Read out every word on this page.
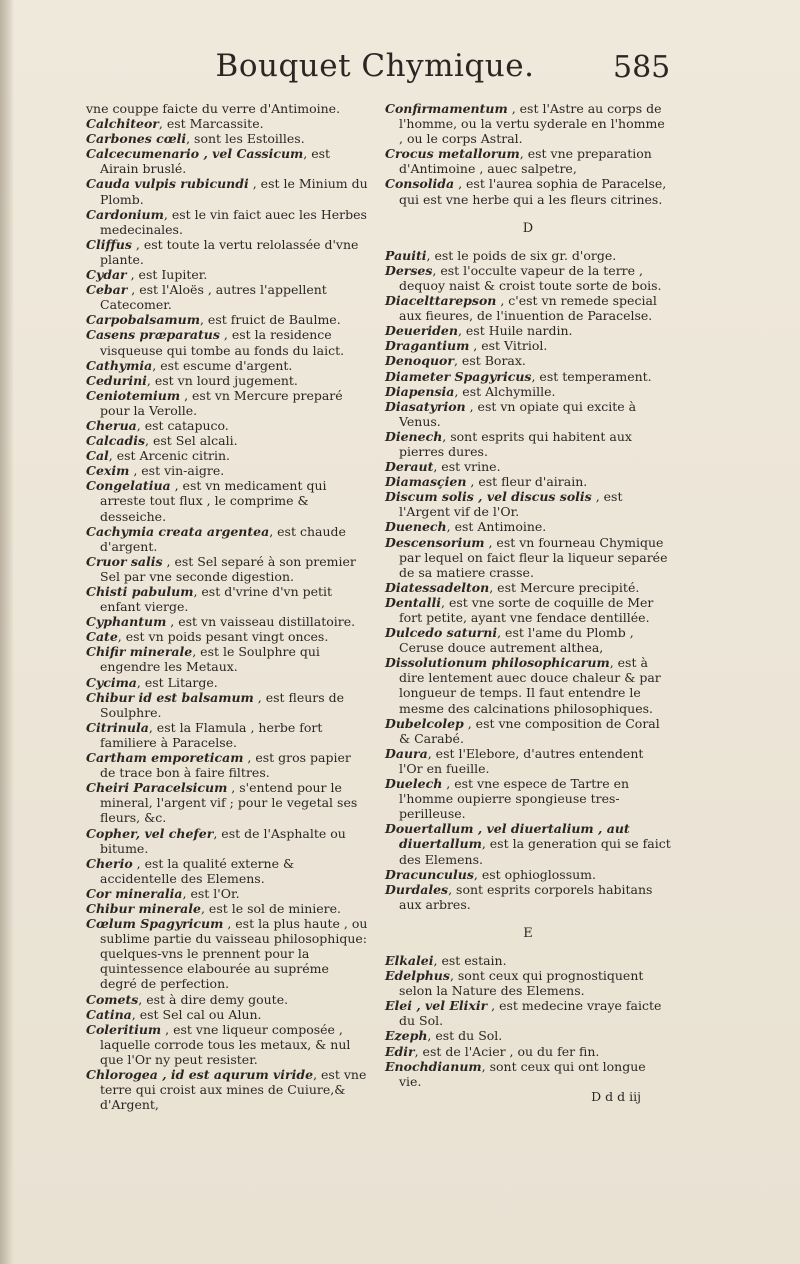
Bouquet Chymique.	585

vne couppe faicte du verre d'Antimoine.

Calchiteor, est Marcassite.

Carbones cœli, sont les Estoilles.

Calcecumenario , vel Cassicum, est Airain bruslé.

Cauda vulpis rubicundi , est le Minium du Plomb.

Cardonium, est le vin faict auec les Herbes medecinales.

Cliffus , est toute la vertu relolassée d'vne plante.

Cydar , est Iupiter.

Cebar , est l'Aloës , autres l'appellent Catecomer.

Carpobalsamum, est fruict de Baulme.

Casens præparatus , est la residence visqueuse qui tombe au fonds du laict.

Cathymia, est escume d'argent.

Cedurini, est vn lourd jugement.

Ceniotemium , est vn Mercure preparé pour la Verolle.

Cherua, est catapuco.

Calcadis, est Sel alcali.

Cal, est Arcenic citrin.

Cexim , est vin-aigre.

Congelatiua , est vn medicament qui arreste tout flux , le comprime & desseiche.

Cachymia creata argentea, est chaude d'argent.

Cruor salis , est Sel separé à son premier Sel par vne seconde digestion.

Chisti pabulum, est d'vrine d'vn petit enfant vierge.

Cyphantum , est vn vaisseau distillatoire.

Cate, est vn poids pesant vingt onces.

Chifir minerale, est le Soulphre qui engendre les Metaux.

Cycima, est Litarge.

Chibur id est balsamum , est fleurs de Soulphre.

Citrinula, est la Flamula , herbe fort familiere à Paracelse.

Cartham emporeticam , est gros papier de trace bon à faire filtres.

Cheiri Paracelsicum , s'entend pour le mineral, l'argent vif ; pour le vegetal ses fleurs, &c.

Copher, vel chefer, est de l'Asphalte ou bitume.

Cherio , est la qualité externe & accidentelle des Elemens.

Cor mineralia, est l'Or.

Chibur minerale, est le sol de miniere.

Cœlum Spagyricum , est la plus haute , ou sublime partie du vaisseau philosophique: quelques-vns le prennent pour la quintessence elabourée au supréme degré de perfection.

Comets, est à dire demy goute.

Catina, est Sel cal ou Alun.

Coleritium , est vne liqueur composée , laquelle corrode tous les metaux, & nul que l'Or ny peut resister.

Chlorogea , id est aqurum viride, est vne terre qui croist aux mines de Cuiure,& d'Argent,

Confirmamentum , est l'Astre au corps de l'homme, ou la vertu syderale en l'homme , ou le corps Astral.

Crocus metallorum, est vne preparation d'Antimoine , auec salpetre,

Consolida , est l'aurea sophia de Paracelse, qui est vne herbe qui a les fleurs citrines.

D

Pauiti, est le poids de six gr. d'orge.

Derses, est l'occulte vapeur de la terre , dequoy naist & croist toute sorte de bois.

Diacelttarepson , c'est vn remede special aux fieures, de l'inuention de Paracelse.

Deueriden, est Huile nardin.

Dragantium , est Vitriol.

Denoquor, est Borax.

Diameter Spagyricus, est temperament.

Diapensia, est Alchymille.

Diasatyrion , est vn opiate qui excite à Venus.

Dienech, sont esprits qui habitent aux pierres dures.

Deraut, est vrine.

Diamasçien , est fleur d'airain.

Discum solis , vel discus solis , est l'Argent vif de l'Or.

Duenech, est Antimoine.

Descensorium , est vn fourneau Chymique par lequel on faict fleur la liqueur separée de sa matiere crasse.

Diatessadelton, est Mercure precipité.

Dentalli, est vne sorte de coquille de Mer fort petite, ayant vne fendace dentillée.

Dulcedo saturni, est l'ame du Plomb , Ceruse douce autrement althea,

Dissolutionum philosophicarum, est à dire lentement auec douce chaleur & par longueur de temps. Il faut entendre le mesme des calcinations philosophiques.

Dubelcolep , est vne composition de Coral & Carabé.

Daura, est l'Elebore, d'autres entendent l'Or en fueille.

Duelech , est vne espece de Tartre en l'homme oupierre spongieuse tres-perilleuse.

Douertallum , vel diuertalium , aut diuertallum, est la generation qui se faict des Elemens.

Dracunculus, est ophioglossum.

Durdales, sont esprits corporels habitans aux arbres.

E

Elkalei, est estain.

Edelphus, sont ceux qui prognostiquent selon la Nature des Elemens.

Elei , vel Elixir , est medecine vraye faicte du Sol.

Ezeph, est du Sol.

Edir, est de l'Acier , ou du fer fin.

Enochdianum, sont ceux qui ont longue vie.

D d d iij
